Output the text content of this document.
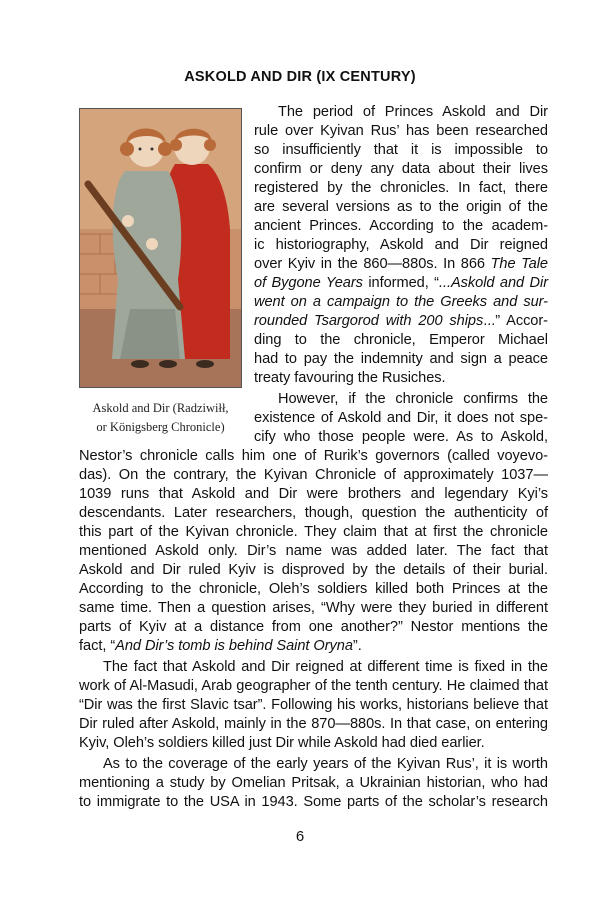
ASKOLD AND DIR (IX CENTURY)
Askold and Dir (Radziwiłł,
or Königsberg Chronicle)
The period of Princes Askold and Dir
rule over Kyivan Rus’ has been researched
so insufficiently that it is impossible to
confirm or deny any data about their lives
registered by the chronicles. In fact, there
are several versions as to the origin of the
ancient Princes. According to the academ-
ic historiography, Askold and Dir reigned
over Kyiv in the 860—880s. In 866 The Tale
of Bygone Years informed, “...Askold and Dir
went on a campaign to the Greeks and sur-
rounded Tsargorod with 200 ships...” Accor-
ding to the chronicle, Emperor Michael
had to pay the indemnity and sign a peace
treaty favouring the Rusiches.
However, if the chronicle confirms the
existence of Askold and Dir, it does not spe-
cify who those people were. As to Askold,
Nestor’s chronicle calls him one of Rurik’s governors (called voyevo-
das). On the contrary, the Kyivan Chronicle of approximately 1037—
1039 runs that Askold and Dir were brothers and legendary Kyi’s
descendants. Later researchers, though, question the authenticity of
this part of the Kyivan chronicle. They claim that at first the chronicle
mentioned Askold only. Dir’s name was added later. The fact that
Askold and Dir ruled Kyiv is disproved by the details of their burial.
According to the chronicle, Oleh’s soldiers killed both Princes at the
same time. Then a question arises, “Why were they buried in different
parts of Kyiv at a distance from one another?” Nestor mentions the
fact, “And Dir’s tomb is behind Saint Oryna”.
The fact that Askold and Dir reigned at different time is fixed in the
work of Al-Masudi, Arab geographer of the tenth century. He claimed that
“Dir was the first Slavic tsar”. Following his works, historians believe that
Dir ruled after Askold, mainly in the 870—880s. In that case, on entering
Kyiv, Oleh’s soldiers killed just Dir while Askold had died earlier.
As to the coverage of the early years of the Kyivan Rus’, it is worth
mentioning a study by Omelian Pritsak, a Ukrainian historian, who had
to immigrate to the USA in 1943. Some parts of the scholar’s research
6
